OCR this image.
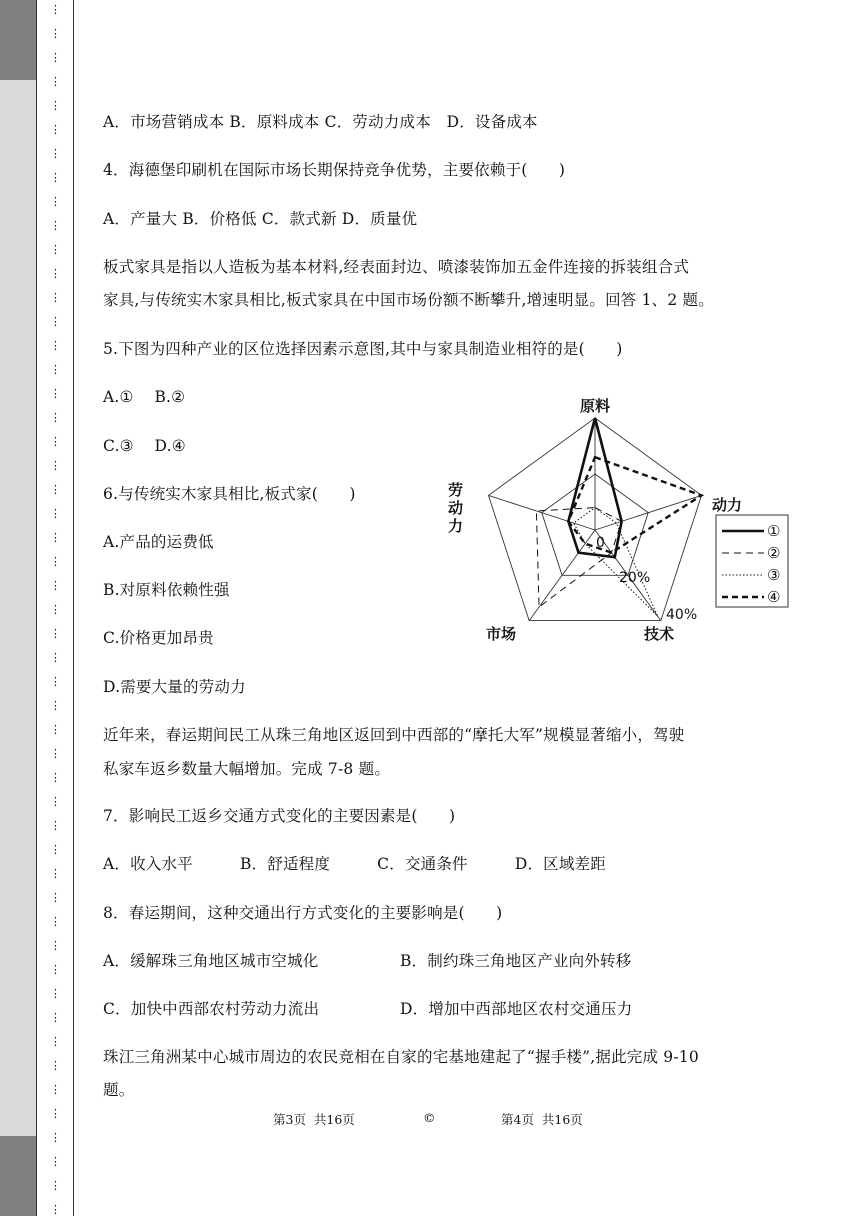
⋮
⋮
⋮
⋮
⋮
⋮
⋮
⋮
⋮
⋮
⋮
⋮
⋮
⋮
⋮
⋮
⋮
⋮
⋮
⋮
⋮
⋮
⋮
⋮
⋮
⋮
⋮
⋮
⋮
⋮
⋮
⋮
⋮
⋮
⋮
⋮
⋮
⋮
⋮
⋮
⋮
⋮
⋮
⋮
⋮
⋮
⋮
⋮
⋮
⋮
⋮
A．市场营销成本 B．原料成本 C．劳动力成本　D．设备成本
4．海德堡印刷机在国际市场长期保持竞争优势，主要依赖于(　　)
A．产量大 B．价格低 C．款式新 D．质量优
板式家具是指以人造板为基本材料,经表面封边、喷漆装饰加五金件连接的拆装组合式
家具,与传统实木家具相比,板式家具在中国市场份额不断攀升,增速明显。回答 1、2 题。
5.下图为四种产业的区位选择因素示意图,其中与家具制造业相符的是(　　)
A.①　 B.②
C.③　 D.④
6.与传统实木家具相比,板式家(　　)
A.产品的运费低
B.对原料依赖性强
C.价格更加昂贵
D.需要大量的劳动力
近年来，春运期间民工从珠三角地区返回到中西部的“摩托大军”规模显著缩小，驾驶
私家车返乡数量大幅增加。完成 7-8 题。
7．影响民工返乡交通方式变化的主要因素是(　　)
A．收入水平　　　B．舒适程度　　　C．交通条件　　　D．区域差距
8．春运期间，这种交通出行方式变化的主要影响是(　　)
A．缓解珠三角地区城市空城化	B．制约珠三角地区产业向外转移
C．加快中西部农村劳动力流出	D．增加中西部地区农村交通压力
珠江三角洲某中心城市周边的农民竞相在自家的宅基地建起了“握手楼”,据此完成 9-10
题。
原料
动力
技术
市场
劳
动
力
0
20%
40%
①
②
③
④
第3页  共16页	©	第4页  共16页
